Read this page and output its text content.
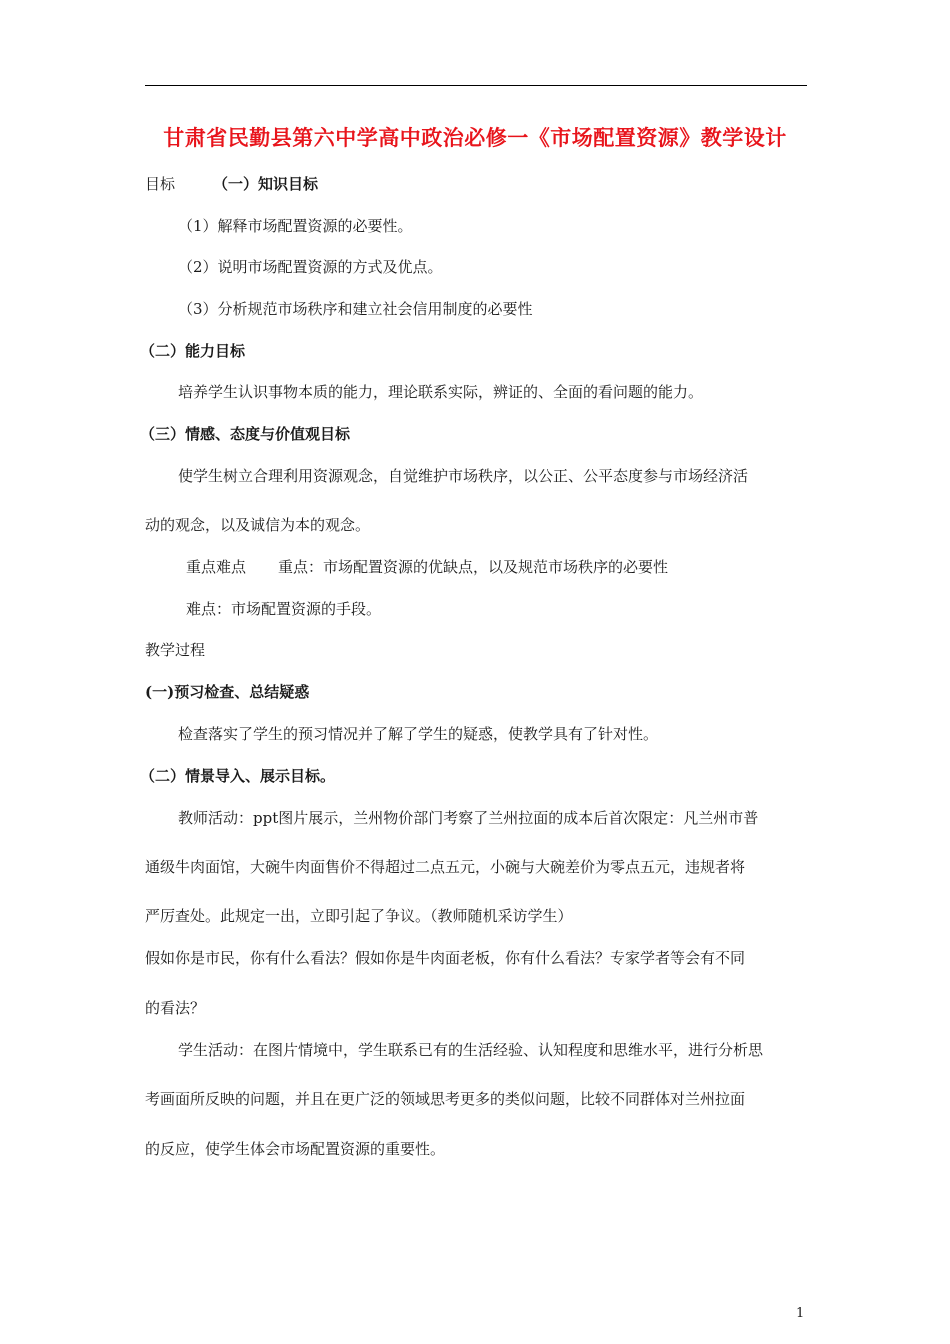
甘肃省民勤县第六中学高中政治必修一《市场配置资源》教学设计
目标	（一）知识目标
（1）解释市场配置资源的必要性。
（2）说明市场配置资源的方式及优点。
（3）分析规范市场秩序和建立社会信用制度的必要性
（二）能力目标
培养学生认识事物本质的能力，理论联系实际，辨证的、全面的看问题的能力。
（三）情感、态度与价值观目标
使学生树立合理利用资源观念，自觉维护市场秩序，以公正、公平态度参与市场经济活
动的观念，以及诚信为本的观念。
重点难点 重点：市场配置资源的优缺点，以及规范市场秩序的必要性
难点：市场配置资源的手段。
教学过程
(一)预习检查、总结疑惑
检查落实了学生的预习情况并了解了学生的疑惑，使教学具有了针对性。
（二）情景导入、展示目标。
教师活动：ppt图片展示，兰州物价部门考察了兰州拉面的成本后首次限定：凡兰州市普
通级牛肉面馆，大碗牛肉面售价不得超过二点五元，小碗与大碗差价为零点五元，违规者将
严厉查处。此规定一出，立即引起了争议。（教师随机采访学生）
假如你是市民，你有什么看法？假如你是牛肉面老板，你有什么看法？专家学者等会有不同
的看法？
学生活动：在图片情境中，学生联系已有的生活经验、认知程度和思维水平，进行分析思
考画面所反映的问题，并且在更广泛的领域思考更多的类似问题，比较不同群体对兰州拉面
的反应，使学生体会市场配置资源的重要性。
1
